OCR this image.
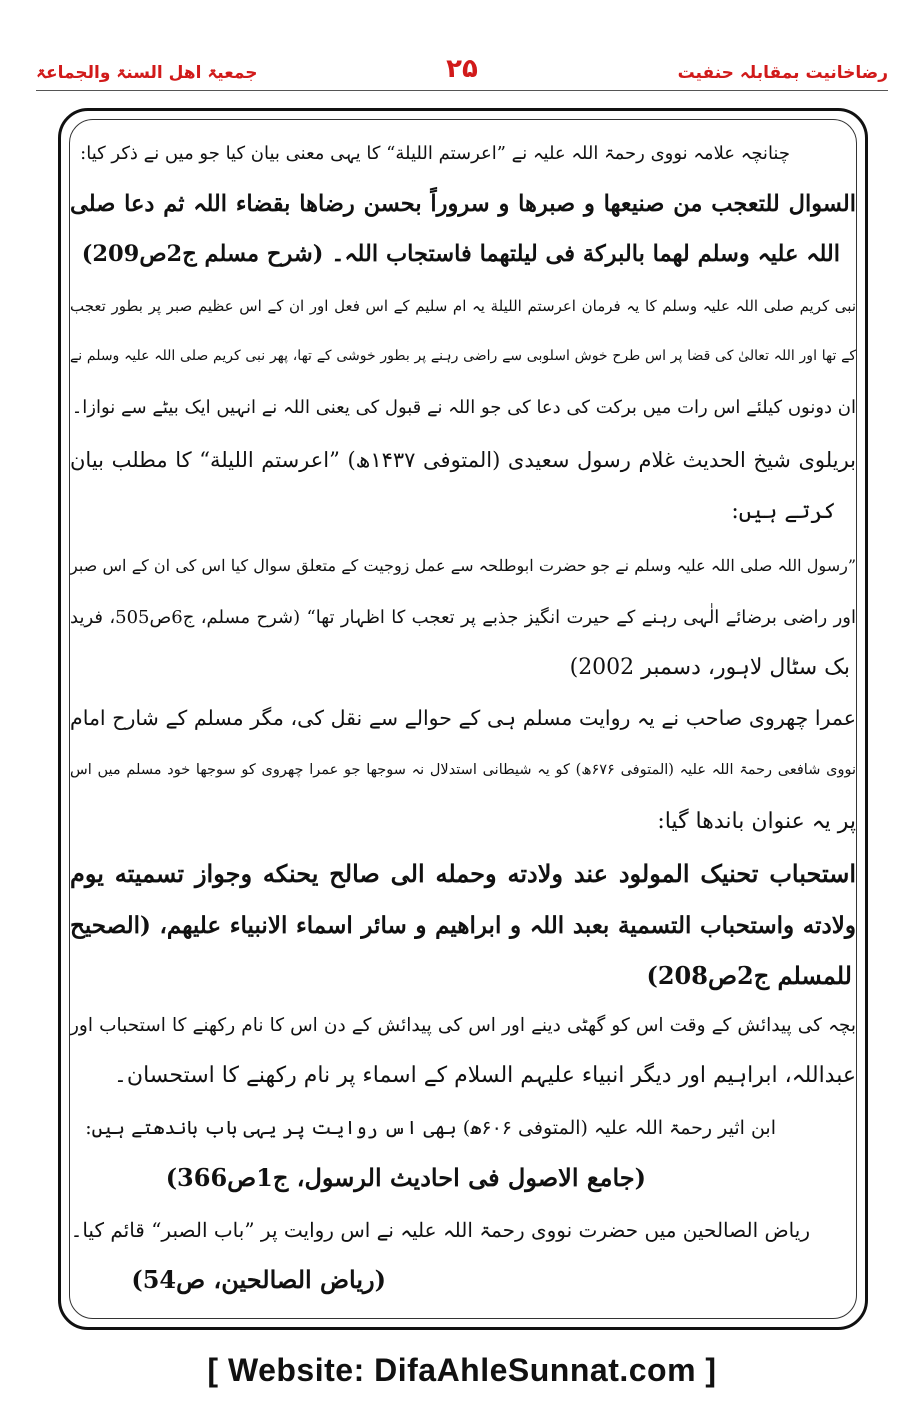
رضاخانیت بمقابلہ حنفیت
۲۵
جمعیۃ اھل السنۃ والجماعۃ
چنانچہ علامہ نووی رحمۃ اللہ علیہ نے ”اعرستم اللیلة“ کا یہی معنی بیان کیا جو میں نے ذکر کیا:
السوال للتعجب من صنیعھا و صبرھا و سروراً بحسن رضاھا بقضاء اللہ ثم دعا صلی
اللہ علیہ وسلم لھما بالبرکة فی لیلتھما فاستجاب اللہ۔ (شرح مسلم ج2ص209)
نبی کریم صلی اللہ علیہ وسلم کا یہ فرمان اعرستم اللیلة یہ ام سلیم کے اس فعل اور ان کے اس عظیم صبر پر بطور تعجب
کے تھا اور اللہ تعالیٰ کی قضا پر اس طرح خوش اسلوبی سے راضی رہنے پر بطور خوشی کے تھا، پھر نبی کریم صلی اللہ علیہ وسلم نے
ان دونوں کیلئے اس رات میں برکت کی دعا کی جو اللہ نے قبول کی یعنی اللہ نے انہیں ایک بیٹے سے نوازا۔
بریلوی شیخ الحدیث غلام رسول سعیدی (المتوفی ۱۴۳۷ھ) ”اعرستم اللیلة“ کا مطلب بیان
کرتے ہیں:
”رسول اللہ صلی اللہ علیہ وسلم نے جو حضرت ابوطلحہ سے عمل زوجیت کے متعلق سوال کیا اس کی ان کے اس صبر
اور راضی برضائے الٰہی رہنے کے حیرت انگیز جذبے پر تعجب کا اظہار تھا“ (شرح مسلم، ج6ص505، فرید
بک سٹال لاہور، دسمبر 2002)
عمرا چھروی صاحب نے یہ روایت مسلم ہی کے حوالے سے نقل کی، مگر مسلم کے شارح امام
نووی شافعی رحمۃ اللہ علیہ (المتوفی ۶۷۶ھ) کو یہ شیطانی استدلال نہ سوجھا جو عمرا چھروی کو سوجھا خود مسلم میں اس
پر یہ عنوان باندھا گیا:
استحباب تحنیک المولود عند ولادته وحمله الی صالح یحنکه وجواز تسمیته یوم
ولادته واستحباب التسمیة بعبد اللہ و ابراهیم و سائر اسماء الانبیاء علیهم، (الصحیح
للمسلم ج2ص208)
بچہ کی پیدائش کے وقت اس کو گھٹی دینے اور اس کی پیدائش کے دن اس کا نام رکھنے کا استحباب اور
عبداللہ، ابراہیم اور دیگر انبیاء علیہم السلام کے اسماء پر نام رکھنے کا استحسان۔
ابن اثیر رحمۃ اللہ علیہ (المتوفی ۶۰۶ھ) بھی اس روایت پر یہی باب باندھتے ہیں:
(جامع الاصول فی احادیث الرسول، ج1ص366)
ریاض الصالحین میں حضرت نووی رحمۃ اللہ علیہ نے اس روایت پر ”باب الصبر“ قائم کیا۔
(ریاض الصالحین، ص54)
[ Website: DifaAhleSunnat.com ]
